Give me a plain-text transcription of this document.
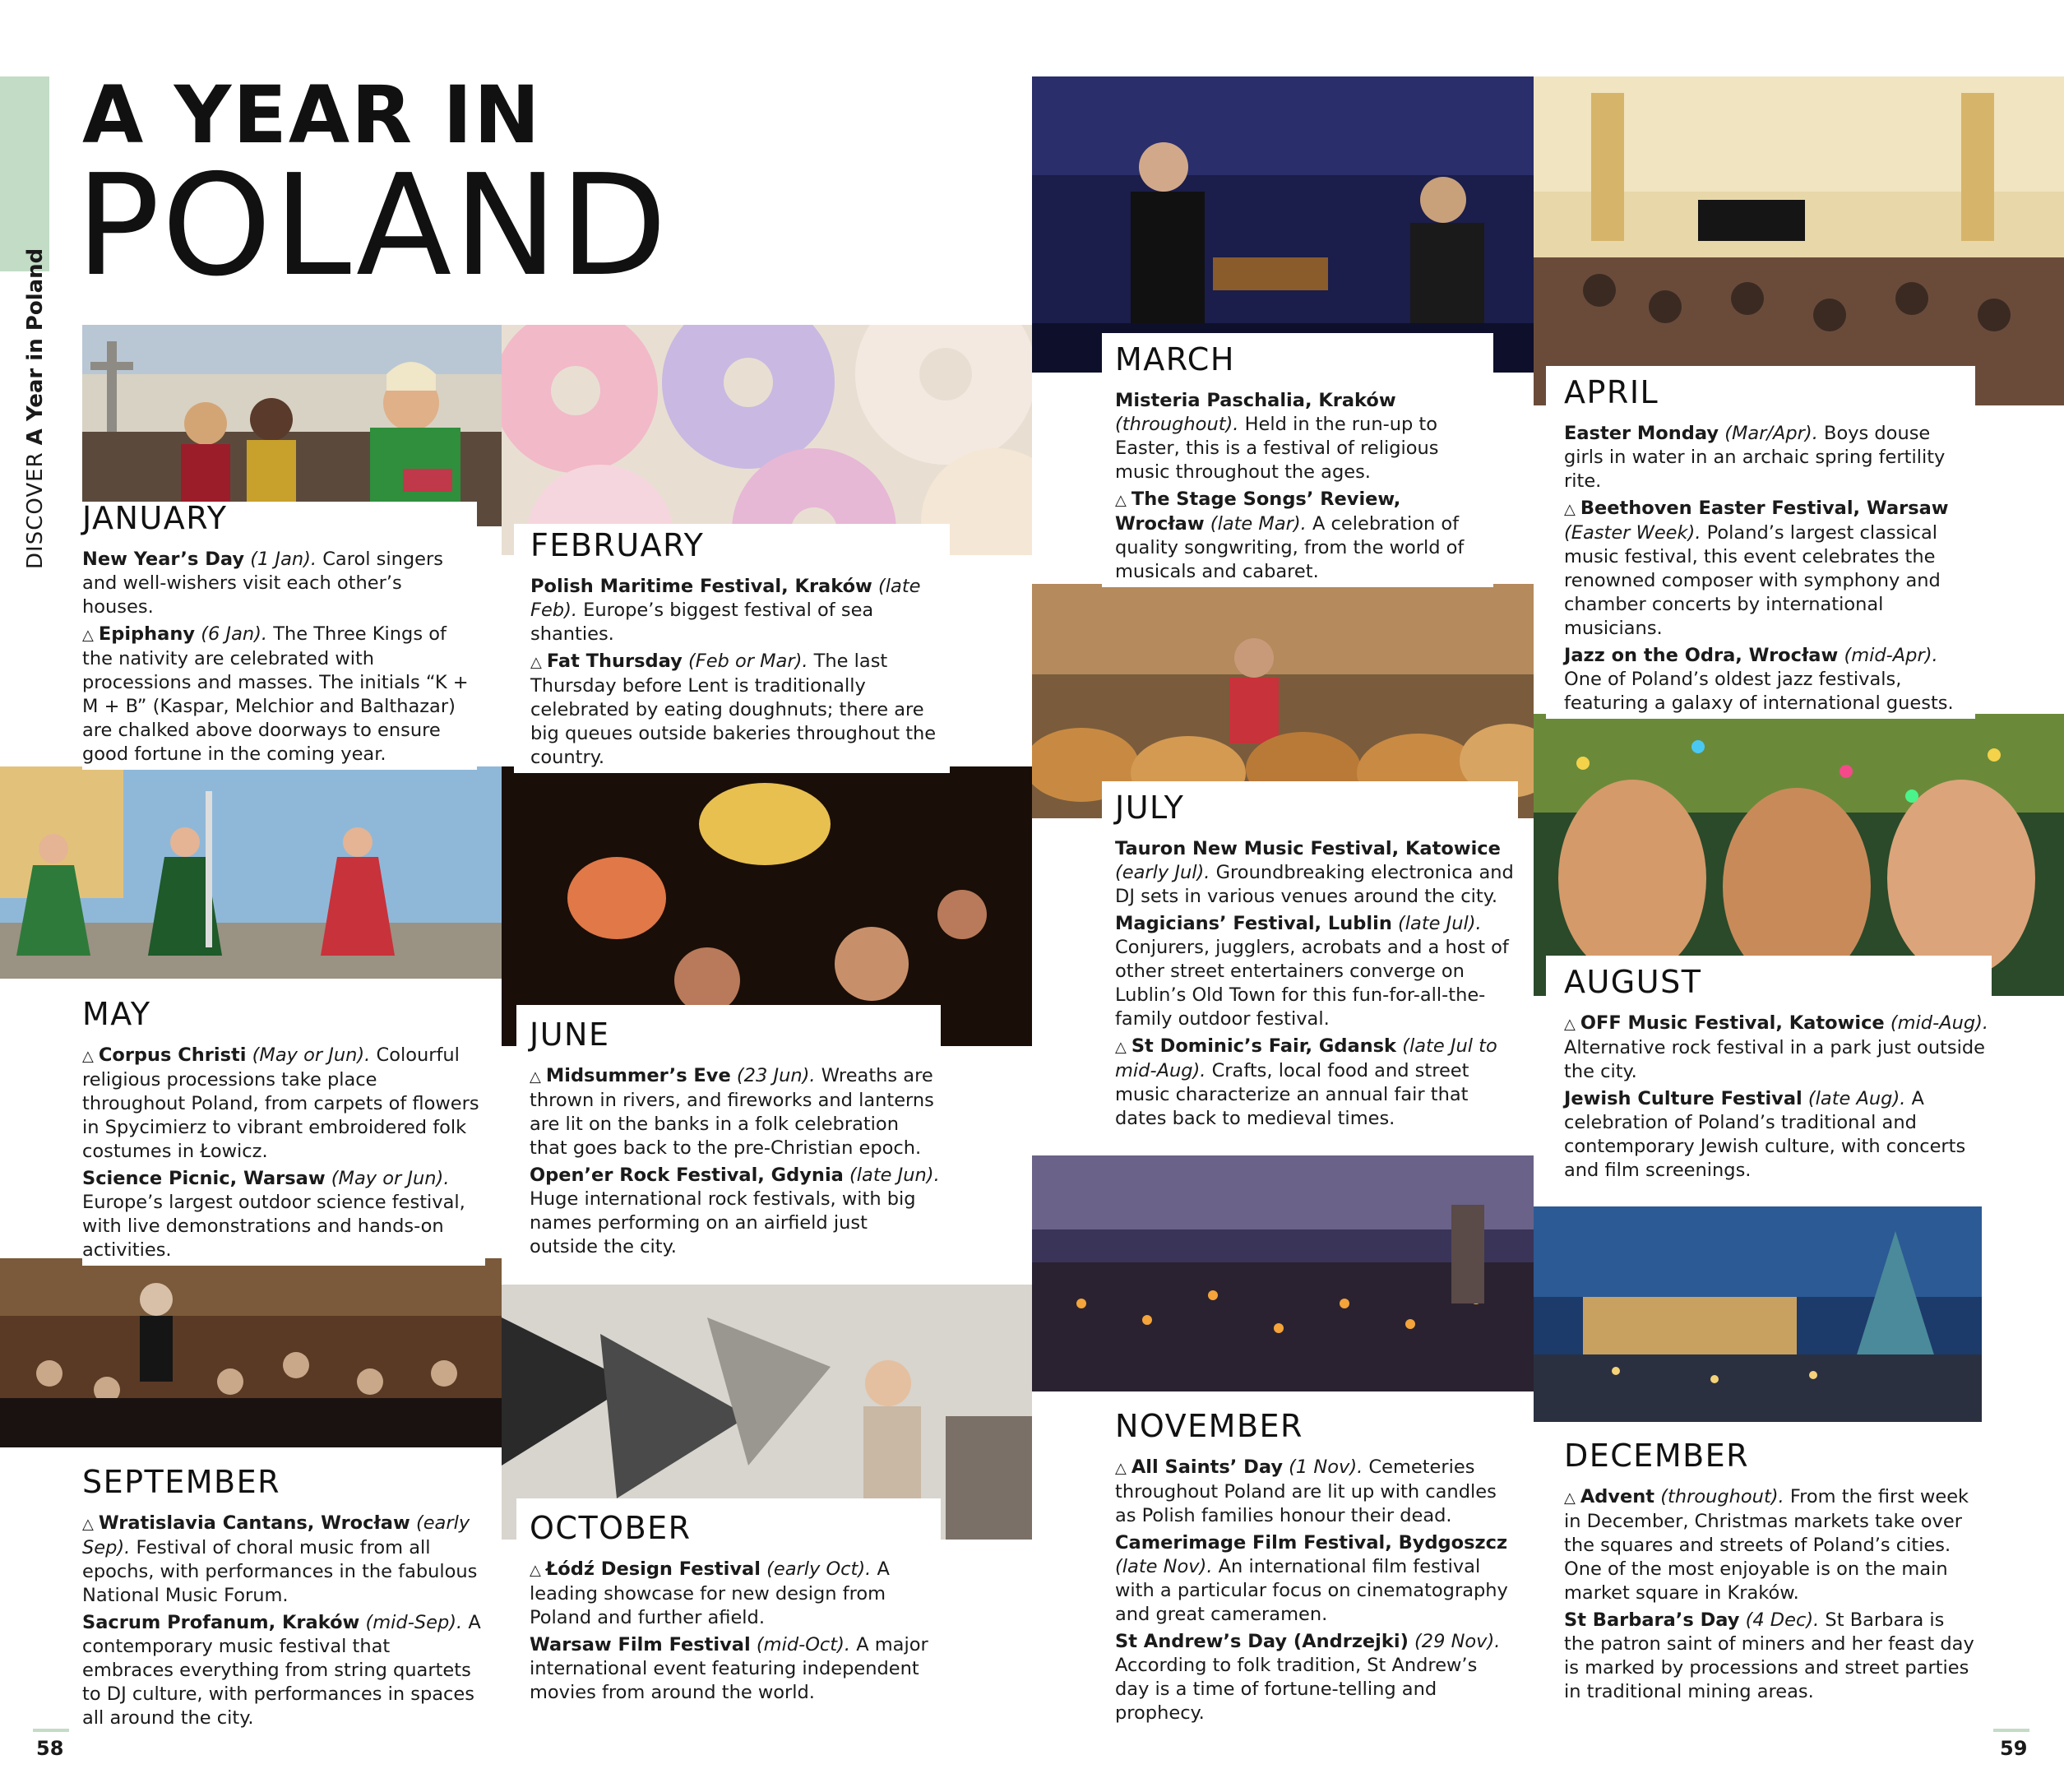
DISCOVERA Year in Poland
A YEAR IN
POLAND
JANUARY

New Year’s Day (1 Jan). Carol singers and well-wishers visit each other’s houses.

△ Epiphany (6 Jan). The Three Kings of the nativity are celebrated with processions and masses. The initials “K + M + B” (Kaspar, Melchior and Balthazar) are chalked above doorways to ensure good fortune in the coming year.

FEBRUARY

Polish Maritime Festival, Kraków (late Feb). Europe’s biggest festival of sea shanties.

△ Fat Thursday (Feb or Mar). The last Thursday before Lent is traditionally celebrated by eating doughnuts; there are big queues outside bakeries throughout the country.

MARCH

Misteria Paschalia, Kraków (throughout). Held in the run-up to Easter, this is a festival of religious music throughout the ages.

△ The Stage Songs’ Review, Wrocław (late Mar). A celebration of quality songwriting, from the world of musicals and cabaret.

APRIL

Easter Monday (Mar/Apr). Boys douse girls in water in an archaic spring fertility rite.

△ Beethoven Easter Festival, Warsaw (Easter Week). Poland’s largest classical music festival, this event celebrates the renowned composer with symphony and chamber concerts by international musicians.

Jazz on the Odra, Wrocław (mid-Apr). One of Poland’s oldest jazz festivals, featuring a galaxy of international guests.

MAY

△ Corpus Christi (May or Jun). Colourful religious processions take place throughout Poland, from carpets of flowers in Spycimierz to vibrant embroidered folk costumes in Łowicz.

Science Picnic, Warsaw (May or Jun). Europe’s largest outdoor science festival, with live demonstrations and hands-on activities.

JUNE

△ Midsummer’s Eve (23 Jun). Wreaths are thrown in rivers, and fireworks and lanterns are lit on the banks in a folk celebration that goes back to the pre-Christian epoch.

Open’er Rock Festival, Gdynia (late Jun). Huge international rock festivals, with big names performing on an airfield just outside the city.

JULY

Tauron New Music Festival, Katowice (early Jul). Groundbreaking electronica and DJ sets in various venues around the city.

Magicians’ Festival, Lublin (late Jul). Conjurers, jugglers, acrobats and a host of other street entertainers converge on Lublin’s Old Town for this fun-for-all-the-family outdoor festival.

△ St Dominic’s Fair, Gdansk (late Jul to mid-Aug). Crafts, local food and street music characterize an annual fair that dates back to medieval times.

AUGUST

△ OFF Music Festival, Katowice (mid-Aug). Alternative rock festival in a park just outside the city.

Jewish Culture Festival (late Aug). A celebration of Poland’s traditional and contemporary Jewish culture, with concerts and film screenings.

SEPTEMBER

△ Wratislavia Cantans, Wrocław (early Sep). Festival of choral music from all epochs, with performances in the fabulous National Music Forum.

Sacrum Profanum, Kraków (mid-Sep). A contemporary music festival that embraces everything from string quartets to DJ culture, with performances in spaces all around the city.

OCTOBER

△ Łódź Design Festival (early Oct). A leading showcase for new design from Poland and further afield.

Warsaw Film Festival (mid-Oct). A major international event featuring independent movies from around the world.

NOVEMBER

△ All Saints’ Day (1 Nov). Cemeteries throughout Poland are lit up with candles as Polish families honour their dead.

Camerimage Film Festival, Bydgoszcz (late Nov). An international film festival with a particular focus on cinematography and great cameramen.

St Andrew’s Day (Andrzejki) (29 Nov). According to folk tradition, St Andrew’s day is a time of fortune-telling and prophecy.

DECEMBER

△ Advent (throughout). From the first week in December, Christmas markets take over the squares and streets of Poland’s cities. One of the most enjoyable is on the main market square in Kraków.

St Barbara’s Day (4 Dec). St Barbara is the patron saint of miners and her feast day is marked by processions and street parties in traditional mining areas.

58	59
